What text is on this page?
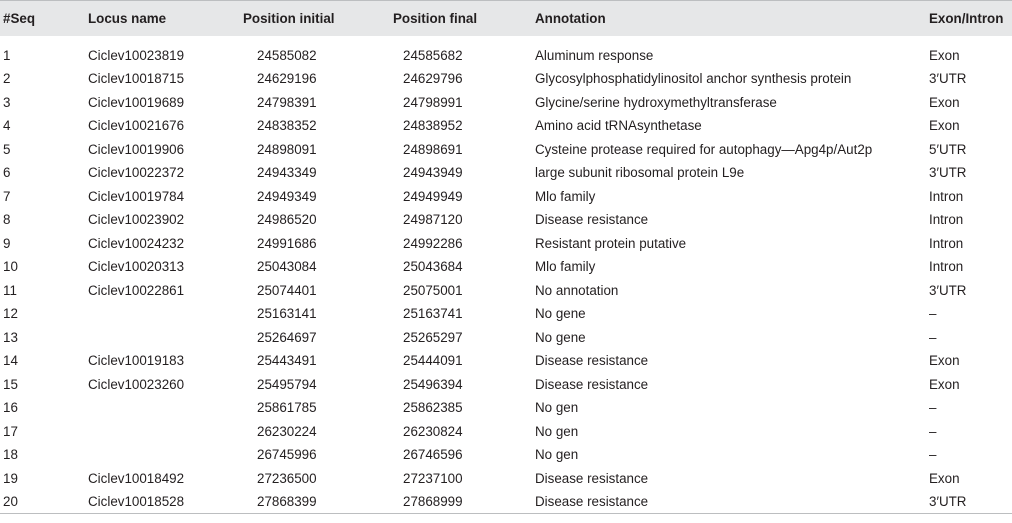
#Seq	Locus name	Position initial	Position final	Annotation	Exon/Intron
1	Ciclev10023819	24585082	24585682	Aluminum response	Exon
2	Ciclev10018715	24629196	24629796	Glycosylphosphatidylinositol anchor synthesis protein	3′UTR
3	Ciclev10019689	24798391	24798991	Glycine/serine hydroxymethyltransferase	Exon
4	Ciclev10021676	24838352	24838952	Amino acid tRNAsynthetase	Exon
5	Ciclev10019906	24898091	24898691	Cysteine protease required for autophagy—Apg4p/Aut2p	5′UTR
6	Ciclev10022372	24943349	24943949	large subunit ribosomal protein L9e	3′UTR
7	Ciclev10019784	24949349	24949949	Mlo family	Intron
8	Ciclev10023902	24986520	24987120	Disease resistance	Intron
9	Ciclev10024232	24991686	24992286	Resistant protein putative	Intron
10	Ciclev10020313	25043084	25043684	Mlo family	Intron
11	Ciclev10022861	25074401	25075001	No annotation	3′UTR
12		25163141	25163741	No gene	–
13		25264697	25265297	No gene	–
14	Ciclev10019183	25443491	25444091	Disease resistance	Exon
15	Ciclev10023260	25495794	25496394	Disease resistance	Exon
16		25861785	25862385	No gen	–
17		26230224	26230824	No gen	–
18		26745996	26746596	No gen	–
19	Ciclev10018492	27236500	27237100	Disease resistance	Exon
20	Ciclev10018528	27868399	27868999	Disease resistance	3′UTR
